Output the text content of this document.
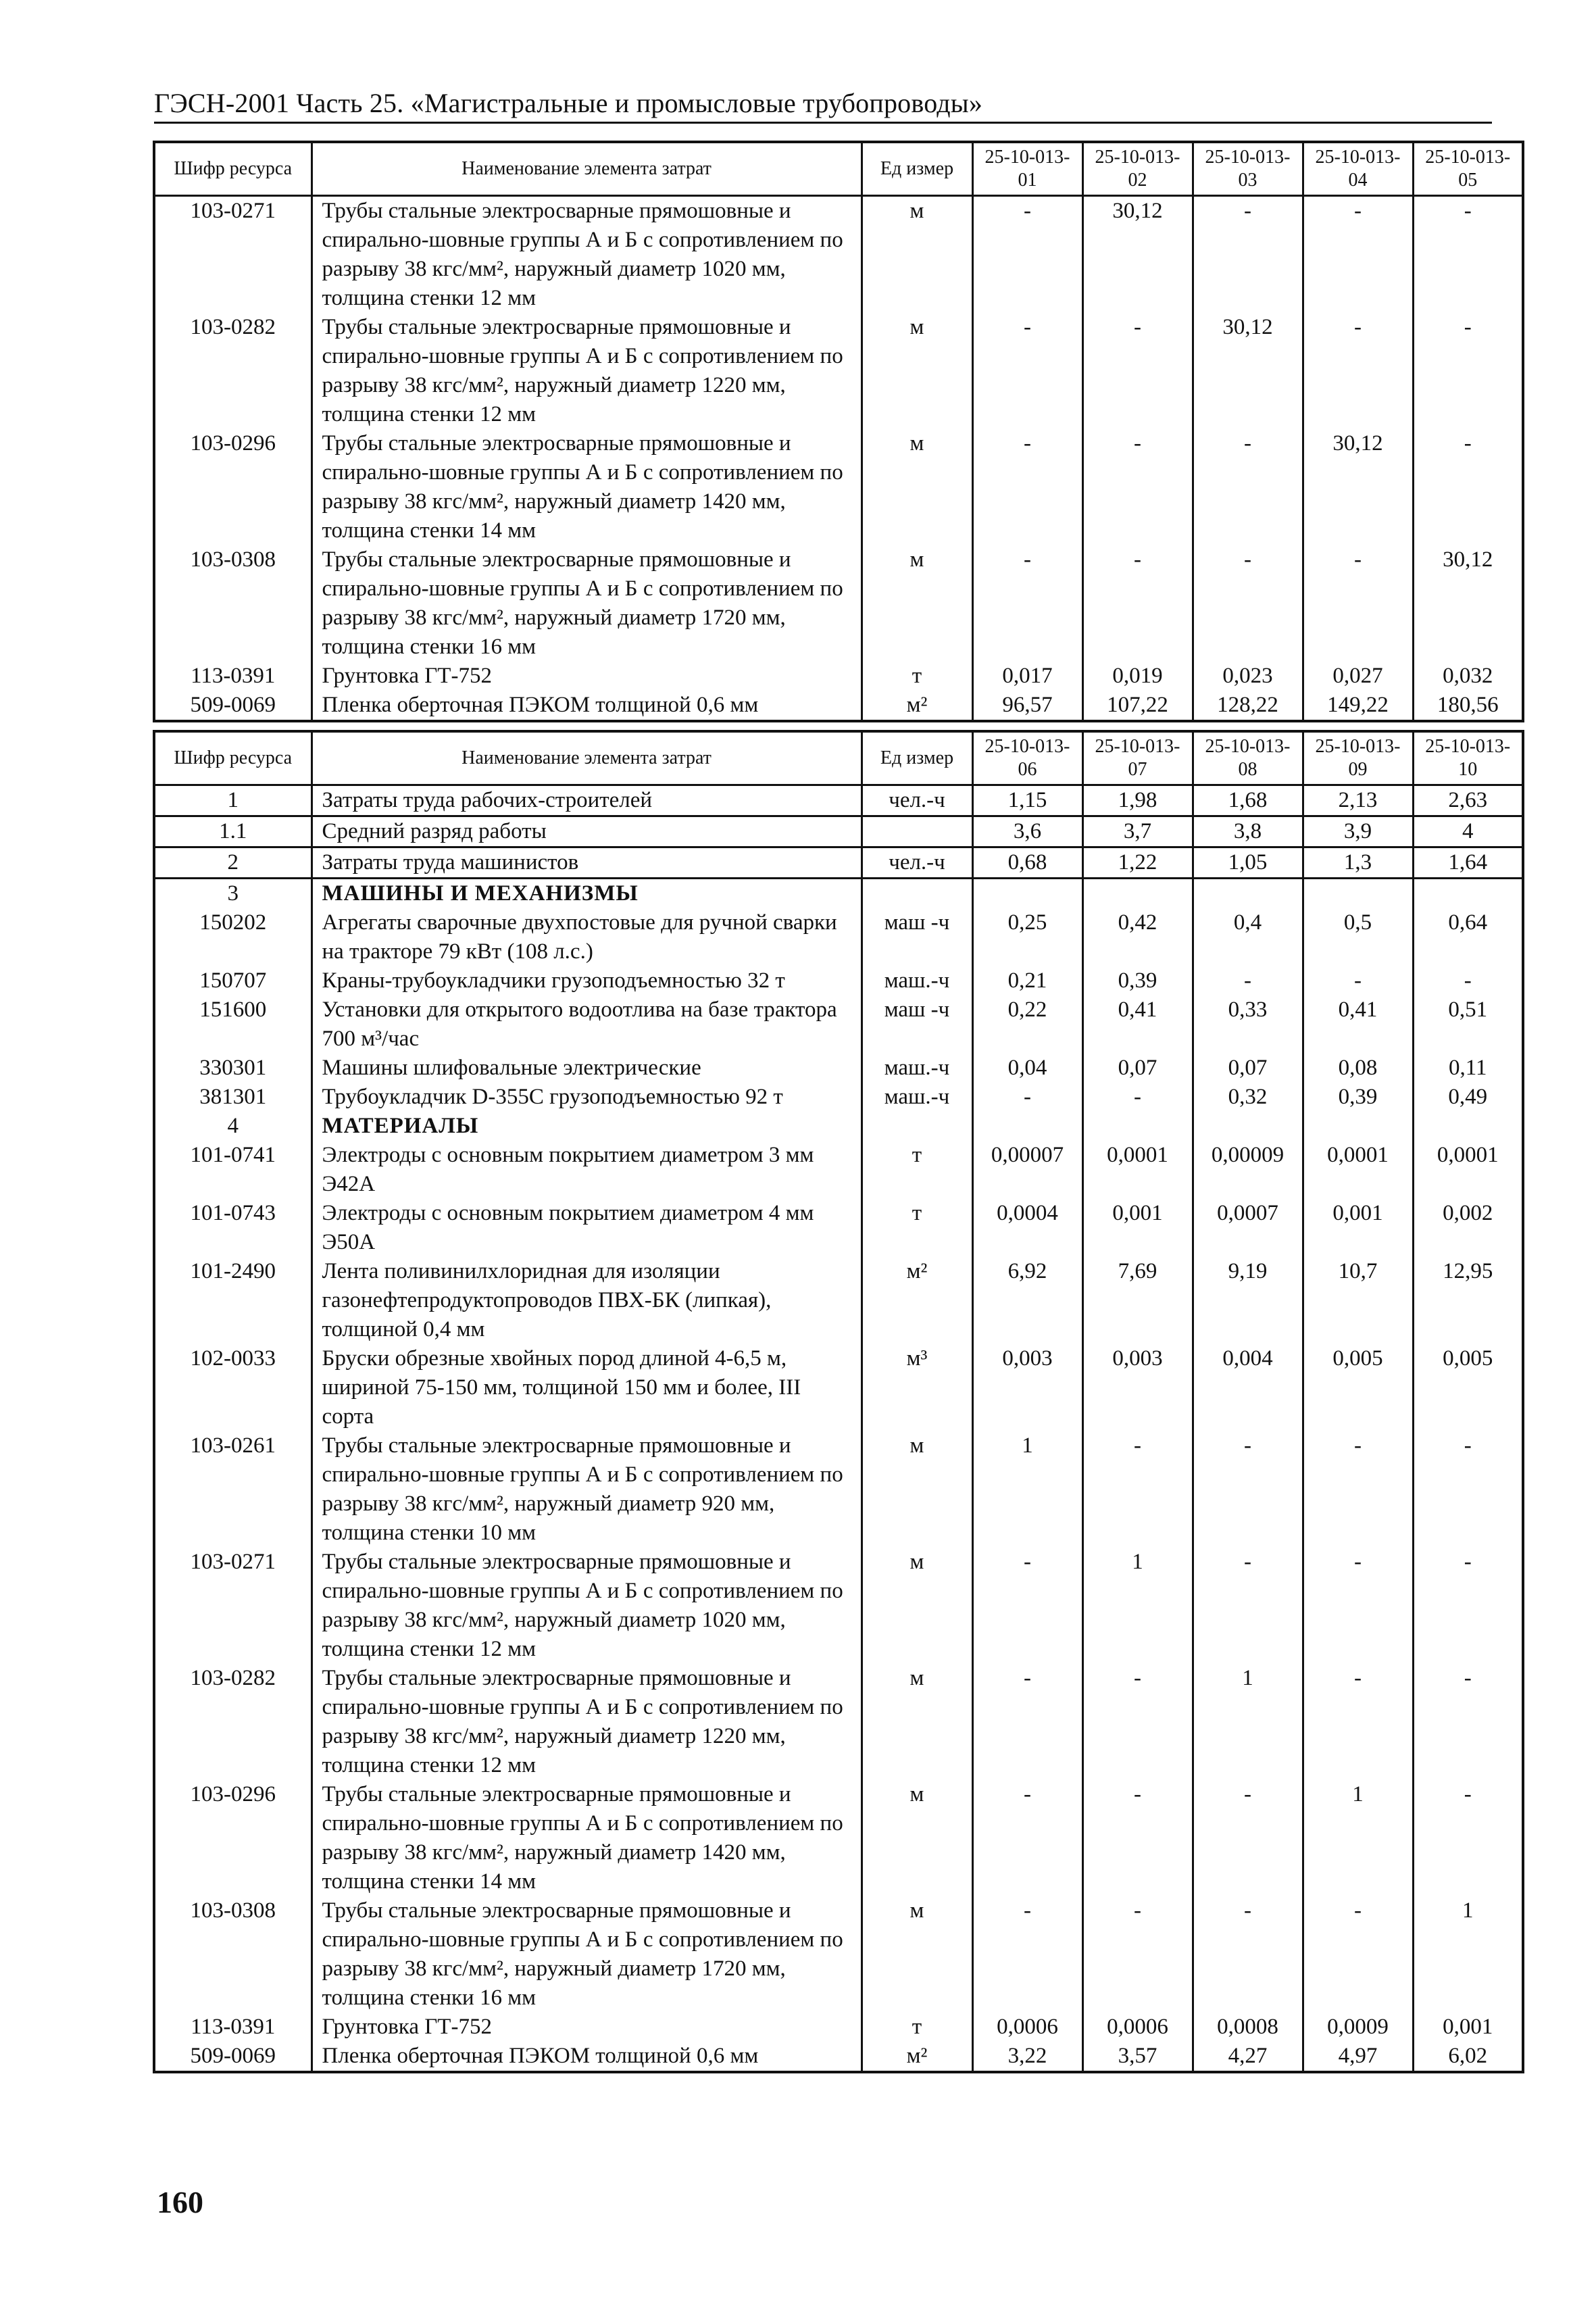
ГЭСН-2001 Часть 25. «Магистральные и промысловые трубопроводы»
Шифр ресурса	Наименование элемента затрат	Ед измер	25-10-013-01	25-10-013-02	25-10-013-03	25-10-013-04	25-10-013-05
103-0271	Трубы стальные электросварные прямошовные и спирально-шовные группы А и Б с сопротивлением по разрыву 38 кгс/мм², наружный диаметр 1020 мм, толщина стенки 12 мм	м	-	30,12	-	-	-
103-0282	Трубы стальные электросварные прямошовные и спирально-шовные группы А и Б с сопротивлением по разрыву 38 кгс/мм², наружный диаметр 1220 мм, толщина стенки 12 мм	м	-	-	30,12	-	-
103-0296	Трубы стальные электросварные прямошовные и спирально-шовные группы А и Б с сопротивлением по разрыву 38 кгс/мм², наружный диаметр 1420 мм, толщина стенки 14 мм	м	-	-	-	30,12	-
103-0308	Трубы стальные электросварные прямошовные и спирально-шовные группы А и Б с сопротивлением по разрыву 38 кгс/мм², наружный диаметр 1720 мм, толщина стенки 16 мм	м	-	-	-	-	30,12
113-0391	Грунтовка ГТ-752	т	0,017	0,019	0,023	0,027	0,032
509-0069	Пленка оберточная ПЭКОМ толщиной 0,6 мм	м²	96,57	107,22	128,22	149,22	180,56
Шифр ресурса	Наименование элемента затрат	Ед измер	25-10-013-06	25-10-013-07	25-10-013-08	25-10-013-09	25-10-013-10
1	Затраты труда рабочих-строителей	чел.-ч	1,15	1,98	1,68	2,13	2,63
1.1	Средний разряд работы		3,6	3,7	3,8	3,9	4
2	Затраты труда машинистов	чел.-ч	0,68	1,22	1,05	1,3	1,64
3	МАШИНЫ И МЕХАНИЗМЫ						
150202	Агрегаты сварочные двухпостовые для ручной сварки на тракторе 79 кВт (108 л.с.)	маш -ч	0,25	0,42	0,4	0,5	0,64
150707	Краны-трубоукладчики грузоподъемностью 32 т	маш.-ч	0,21	0,39	-	-	-
151600	Установки для открытого водоотлива на базе трактора 700 м³/час	маш -ч	0,22	0,41	0,33	0,41	0,51
330301	Машины шлифовальные электрические	маш.-ч	0,04	0,07	0,07	0,08	0,11
381301	Трубоукладчик D-355С грузоподъемностью 92 т	маш.-ч	-	-	0,32	0,39	0,49
4	МАТЕРИАЛЫ						
101-0741	Электроды с основным покрытием диаметром 3 мм Э42А	т	0,00007	0,0001	0,00009	0,0001	0,0001
101-0743	Электроды с основным покрытием диаметром 4 мм Э50А	т	0,0004	0,001	0,0007	0,001	0,002
101-2490	Лента поливинилхлоридная для изоляции газонефтепродуктопроводов ПВХ-БК (липкая), толщиной 0,4 мм	м²	6,92	7,69	9,19	10,7	12,95
102-0033	Бруски обрезные хвойных пород длиной 4-6,5 м, шириной 75-150 мм, толщиной 150 мм и более, III сорта	м³	0,003	0,003	0,004	0,005	0,005
103-0261	Трубы стальные электросварные прямошовные и спирально-шовные группы А и Б с сопротивлением по разрыву 38 кгс/мм², наружный диаметр 920 мм, толщина стенки 10 мм	м	1	-	-	-	-
103-0271	Трубы стальные электросварные прямошовные и спирально-шовные группы А и Б с сопротивлением по разрыву 38 кгс/мм², наружный диаметр 1020 мм, толщина стенки 12 мм	м	-	1	-	-	-
103-0282	Трубы стальные электросварные прямошовные и спирально-шовные группы А и Б с сопротивлением по разрыву 38 кгс/мм², наружный диаметр 1220 мм, толщина стенки 12 мм	м	-	-	1	-	-
103-0296	Трубы стальные электросварные прямошовные и спирально-шовные группы А и Б с сопротивлением по разрыву 38 кгс/мм², наружный диаметр 1420 мм, толщина стенки 14 мм	м	-	-	-	1	-
103-0308	Трубы стальные электросварные прямошовные и спирально-шовные группы А и Б с сопротивлением по разрыву 38 кгс/мм², наружный диаметр 1720 мм, толщина стенки 16 мм	м	-	-	-	-	1
113-0391	Грунтовка ГТ-752	т	0,0006	0,0006	0,0008	0,0009	0,001
509-0069	Пленка оберточная ПЭКОМ толщиной 0,6 мм	м²	3,22	3,57	4,27	4,97	6,02
160
